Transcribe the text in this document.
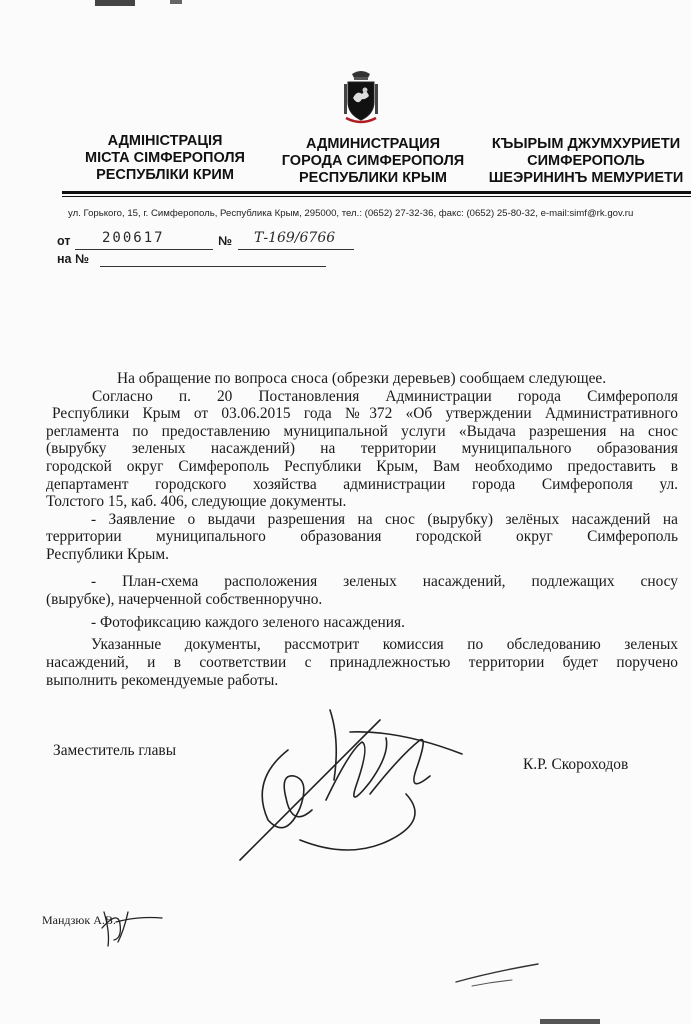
АДМІНІСТРАЦІЯ
МІСТА СІМФЕРОПОЛЯ
РЕСПУБЛІКИ КРИМ
АДМИНИСТРАЦИЯ
ГОРОДА СИМФЕРОПОЛЯ
РЕСПУБЛИКИ КРЫМ
КЪЫРЫМ ДЖУМХУРИЕТИ
СИМФЕРОПОЛЬ
ШЕЭРИНИНЪ МЕМУРИЕТИ
ул. Горького, 15, г. Симферополь, Республика Крым, 295000, тел.: (0652) 27-32-36, факс: (0652) 25-80-32, e-mail:simf@rk.gov.ru
от 200617	№ Т-169/6766
на №
На обращение по вопроса сноса (обрезки деревьев) сообщаем следующее.
Согласно п. 20 Постановления Администрации города Симферополя
Республики Крым от 03.06.2015 года №372 «Об утверждении Административного
регламента по предоставлению муниципальной услуги «Выдача разрешения на снос
(вырубку зеленых насаждений) на территории муниципального образования
городской округ Симферополь Республики Крым, Вам необходимо предоставить в
департамент городского хозяйства администрации города Симферополя ул.
Толстого 15, каб. 406, следующие документы.
- Заявление о выдачи разрешения на снос (вырубку) зелёных насаждений на
территории муниципального образования городской округ Симферополь
Республики Крым.
- План-схема расположения зеленых насаждений, подлежащих сносу
(вырубке), начерченной собственноручно.
- Фотофиксацию каждого зеленого насаждения.
Указанные документы, рассмотрит комиссия по обследованию зеленых
насаждений, и в соответствии с принадлежностью территории будет поручено
выполнить рекомендуемые работы.
Заместитель главы
К.Р. Скороходов
Мандзюк А.В.
